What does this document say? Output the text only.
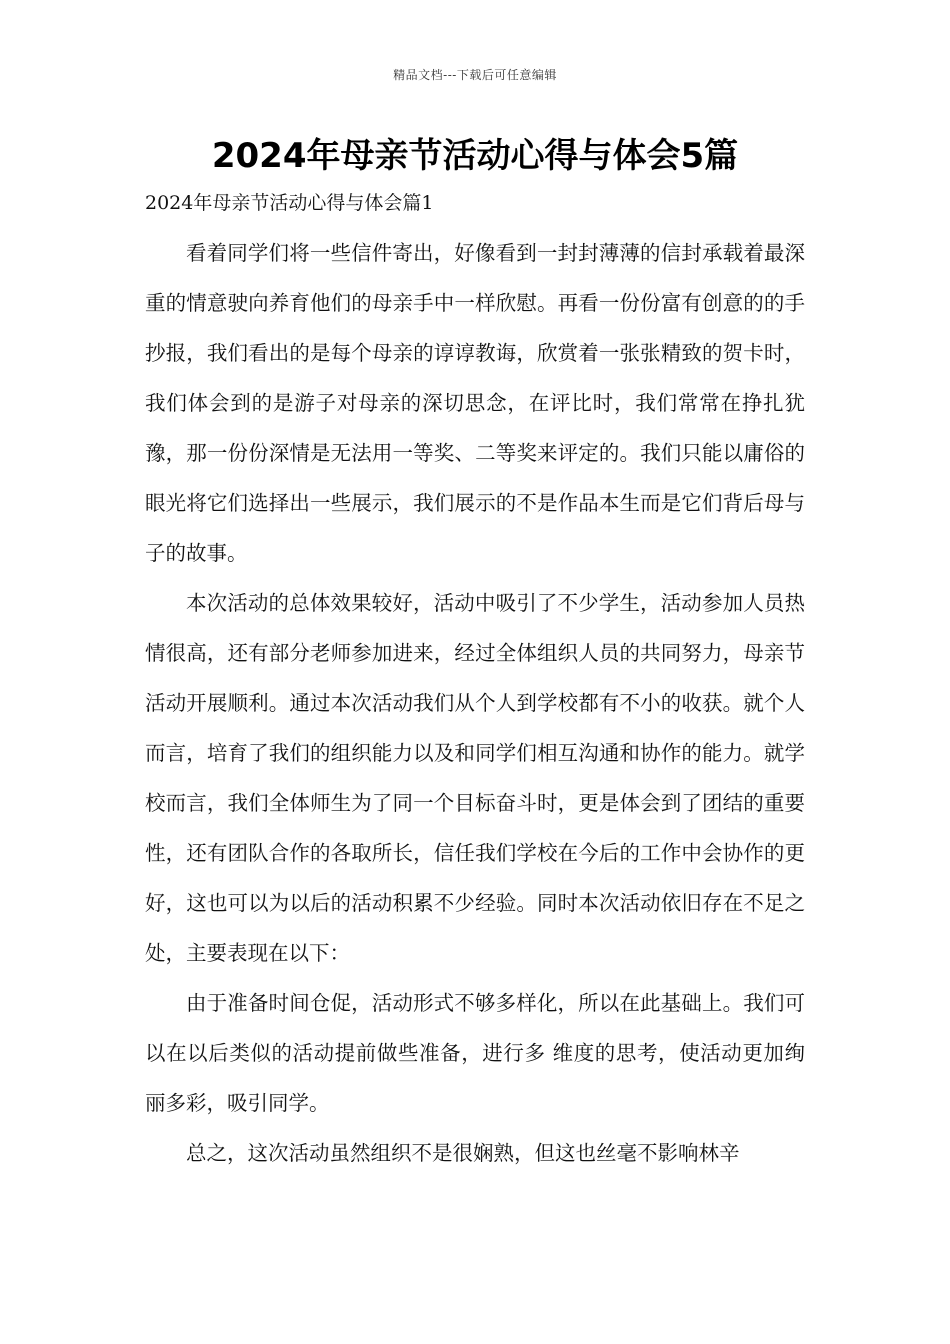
精品文档---下载后可任意编辑
2024年母亲节活动心得与体会5篇

2024年母亲节活动心得与体会篇1

看着同学们将一些信件寄出，好像看到一封封薄薄的信封承载着最深重的情意驶向养育他们的母亲手中一样欣慰。再看一份份富有创意的的手抄报，我们看出的是每个母亲的谆谆教诲，欣赏着一张张精致的贺卡时，我们体会到的是游子对母亲的深切思念，在评比时，我们常常在挣扎犹豫，那一份份深情是无法用一等奖、二等奖来评定的。我们只能以庸俗的眼光将它们选择出一些展示，我们展示的不是作品本生而是它们背后母与子的故事。

本次活动的总体效果较好，活动中吸引了不少学生，活动参加人员热情很高，还有部分老师参加进来，经过全体组织人员的共同努力，母亲节活动开展顺利。通过本次活动我们从个人到学校都有不小的收获。就个人而言，培育了我们的组织能力以及和同学们相互沟通和协作的能力。就学校而言，我们全体师生为了同一个目标奋斗时，更是体会到了团结的重要性，还有团队合作的各取所长，信任我们学校在今后的工作中会协作的更好，这也可以为以后的活动积累不少经验。同时本次活动依旧存在不足之处，主要表现在以下：

由于准备时间仓促，活动形式不够多样化，所以在此基础上。我们可以在以后类似的活动提前做些准备，进行多 维度的思考，使活动更加绚丽多彩，吸引同学。

总之，这次活动虽然组织不是很娴熟，但这也丝毫不影响林辛
